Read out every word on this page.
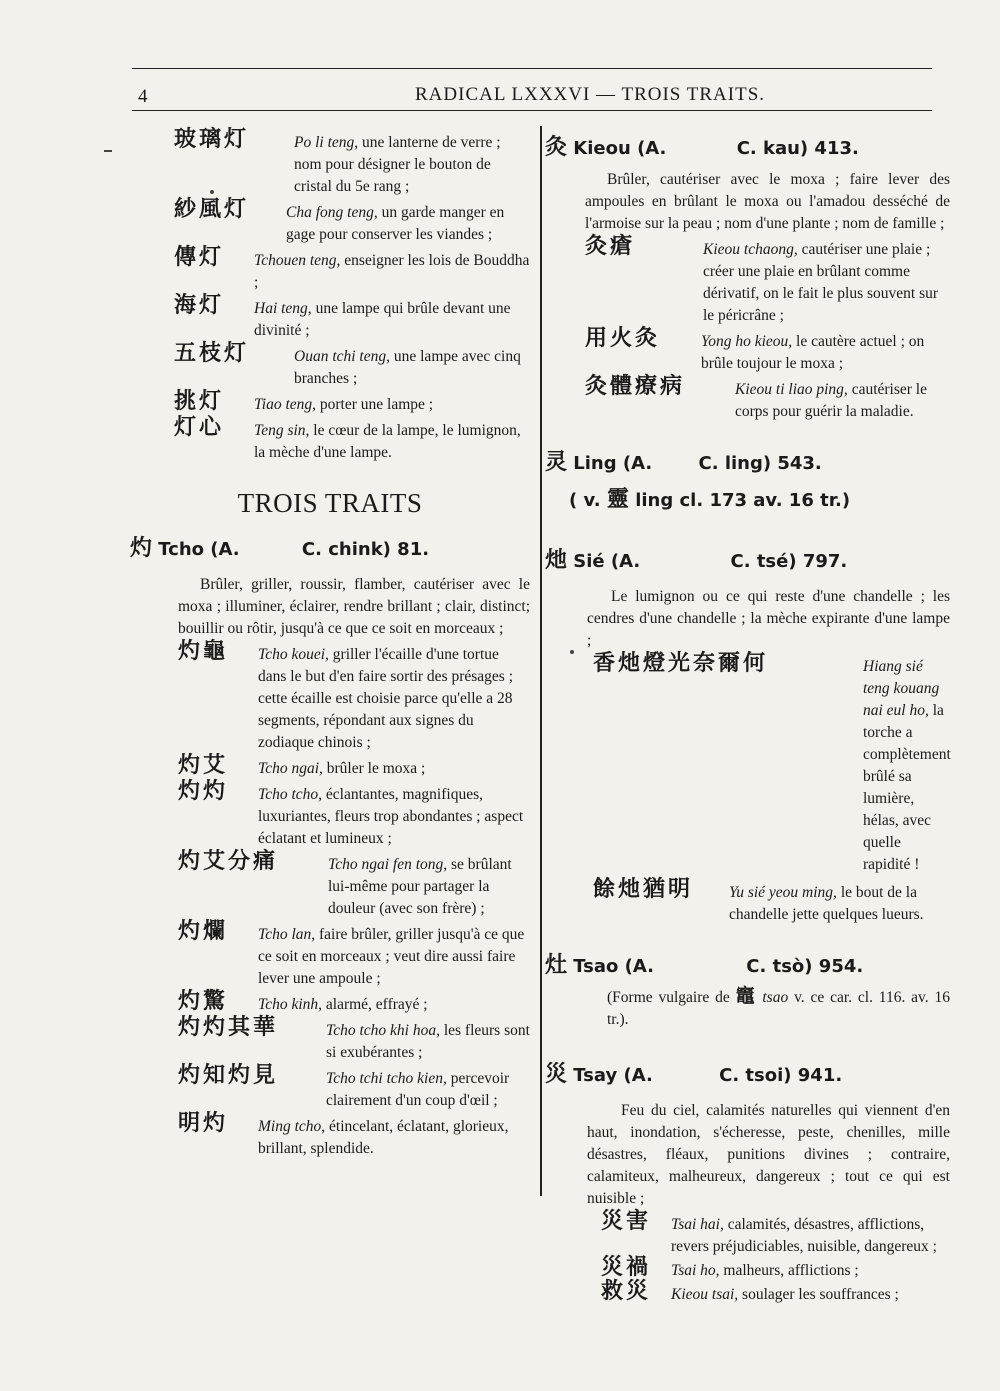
4	RADICAL LXXXVI — TROIS TRAITS.

玻璃灯	Po li teng, une lanterne de verre ; nom pour désigner le bouton de cristal du 5e rang ;

紗風灯 Cha fong teng, un garde manger en gage pour conserver les viandes ;

傳灯 Tchouen teng, enseigner les lois de Bouddha ;

海灯 Hai teng, une lampe qui brûle devant une divinité ;

五枝灯	Ouan tchi teng, une lampe avec cinq branches ;

挑灯 Tiao teng, porter une lampe ;

灯心 Teng sin, le cœur de la lampe, le lumignon, la mèche d'une lampe.

TROIS TRAITS

灼 Tcho (A.	C. chink) 81.

Brûler, griller, roussir, flamber, cautériser avec le moxa ; illuminer, éclairer, rendre brillant ; clair, distinct; bouillir ou rôtir, jusqu'à ce que ce soit en morceaux ;

灼龜 Tcho kouei, griller l'écaille d'une tortue dans le but d'en faire sortir des présages ; cette écaille est choisie parce qu'elle a 28 segments, répondant aux signes du zodiaque chinois ;

灼艾 Tcho ngai, brûler le moxa ;

灼灼 Tcho tcho, éclantantes, magnifiques, luxuriantes, fleurs trop abondantes ; aspect éclatant et lumineux ;

灼艾分痛	Tcho ngai fen tong, se brûlant lui-même pour partager la douleur (avec son frère) ;

灼爛 Tcho lan, faire brûler, griller jusqu'à ce que ce soit en morceaux ; veut dire aussi faire lever une ampoule ;

灼驚 Tcho kinh, alarmé, effrayé ;

灼灼其華	Tcho tcho khi hoa, les fleurs sont si exubérantes ;

灼知灼見	Tcho tchi tcho kien, percevoir clairement d'un coup d'œil ;

明灼 Ming tcho, étincelant, éclatant, glorieux, brillant, splendide.

灸 Kieou (A.	C. kau) 413.

Brûler, cautériser avec le moxa ; faire lever des ampoules en brûlant le moxa ou l'amadou desséché de l'armoise sur la peau ; nom d'une plante ; nom de famille ;

灸瘡	Kieou tchaong, cautériser une plaie ; créer une plaie en brûlant comme dérivatif, on le fait le plus souvent sur le péricrâne ;

用火灸	Yong ho kieou, le cautère actuel ; on brûle toujour le moxa ;

灸體療病	Kieou ti liao ping, cautériser le corps pour guérir la maladie.

灵 Ling (A.	C. ling) 543.

( v. 靈 ling cl. 173 av. 16 tr.)

灺 Sié (A.	C. tsé) 797.

Le lumignon ou ce qui reste d'une chandelle ; les cendres d'une chandelle ; la mèche expirante d'une lampe ;

香灺燈光奈爾何	Hiang sié teng kouang nai eul ho, la torche a complètement brûlé sa lumière, hélas, avec quelle rapidité !

餘灺猶明 Yu sié yeou ming, le bout de la chandelle jette quelques lueurs.

灶 Tsao (A.	C. tsò) 954.

(Forme vulgaire de 竈 tsao v. ce car. cl. 116. av. 16 tr.).

災 Tsay (A.	C. tsoi) 941.

Feu du ciel, calamités naturelles qui viennent d'en haut, inondation, s'écheresse, peste, chenilles, mille désastres, fléaux, punitions divines ; contraire, calamiteux, malheureux, dangereux ; tout ce qui est nuisible ;

災害 Tsai hai, calamités, désastres, afflictions, revers préjudiciables, nuisible, dangereux ;

災禍 Tsai ho, malheurs, afflictions ;

救災 Kieou tsai, soulager les souffrances ;
